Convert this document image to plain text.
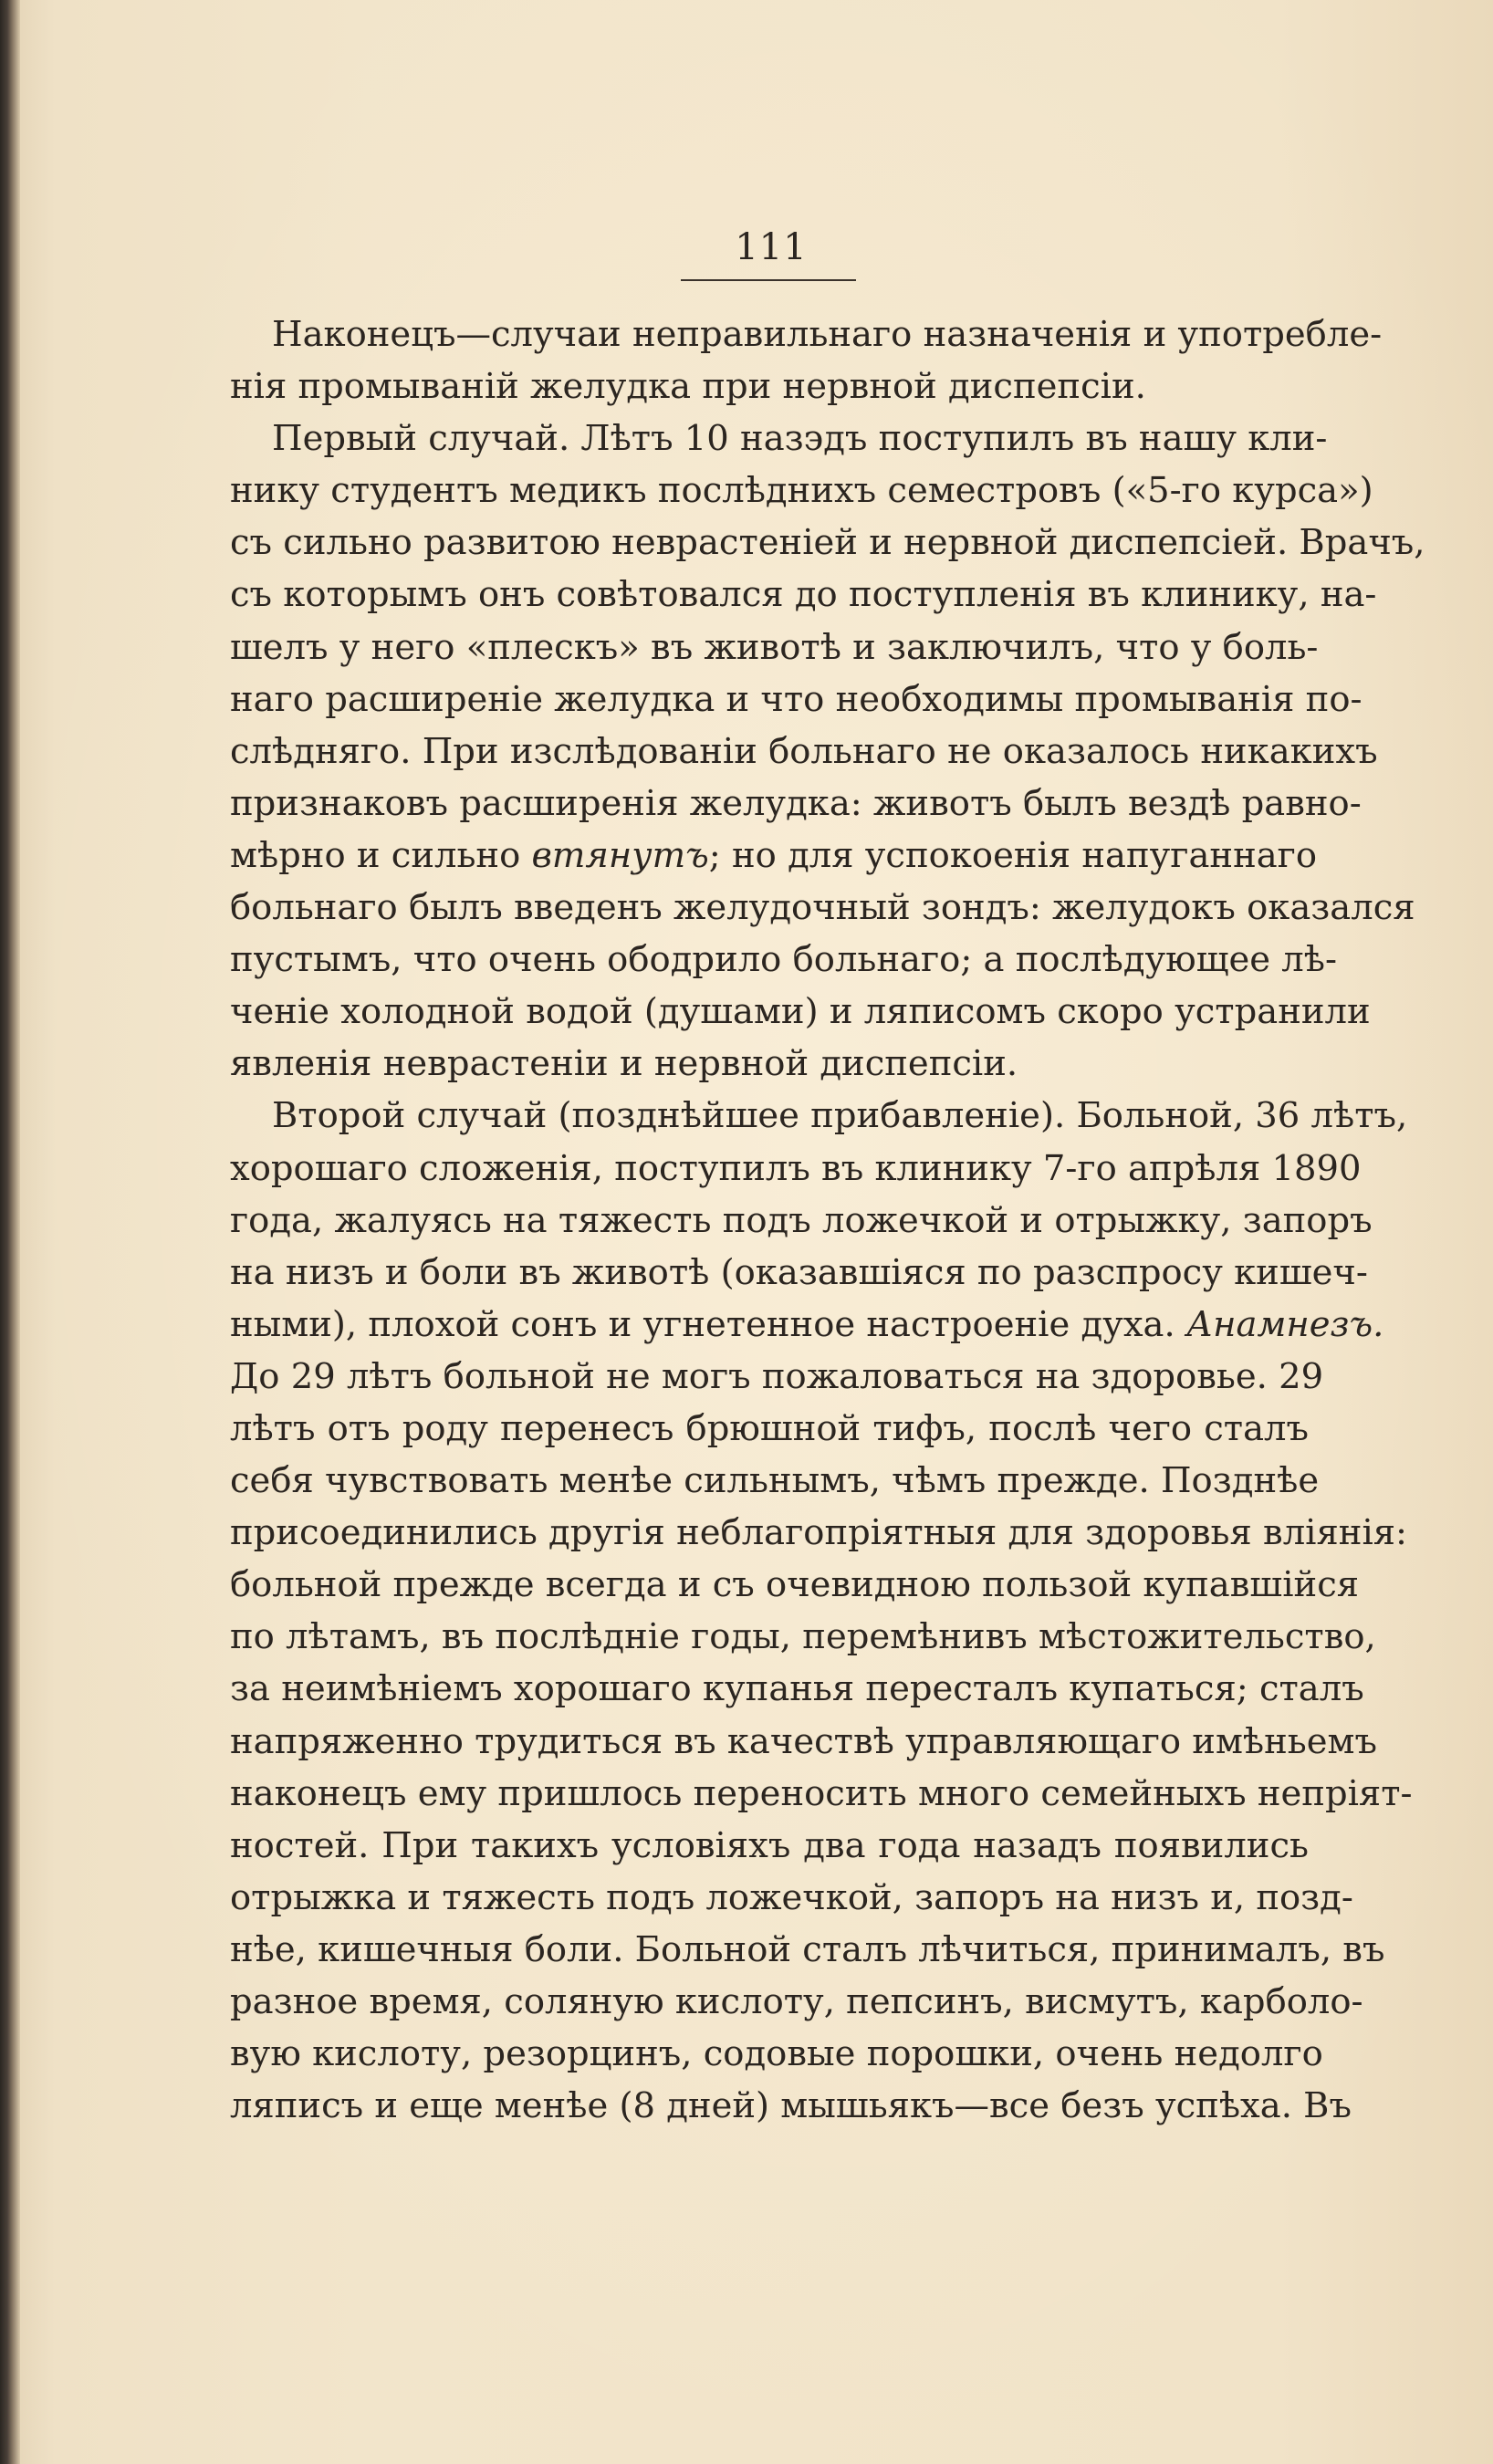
111
Наконецъ—случаи неправильнаго назначенія и употребле-
нія промываній желудка при нервной диспепсіи.
Первый случай. Лѣтъ 10 назэдъ поступилъ въ нашу кли-
нику студентъ медикъ послѣднихъ семестровъ («5-го курса»)
съ сильно развитою неврастеніей и нервной диспепсіей. Врачъ,
съ которымъ онъ совѣтовался до поступленія въ клинику, на-
шелъ у него «плескъ» въ животѣ и заключилъ, что у боль-
наго расширеніе желудка и что необходимы промыванія по-
слѣдняго. При изслѣдованіи больнаго не оказалось никакихъ
признаковъ расширенія желудка: животъ былъ вездѣ равно-
мѣрно и сильно втянутъ; но для успокоенія напуганнаго
больнаго былъ введенъ желудочный зондъ: желудокъ оказался
пустымъ, что очень ободрило больнаго; а послѣдующее лѣ-
ченіе холодной водой (душами) и ляписомъ скоро устранили
явленія неврастеніи и нервной диспепсіи.
Второй случай (позднѣйшее прибавленіе). Больной, 36 лѣтъ,
хорошаго сложенія, поступилъ въ клинику 7-го апрѣля 1890
года, жалуясь на тяжесть подъ ложечкой и отрыжку, запоръ
на низъ и боли въ животѣ (оказавшіяся по разспросу кишеч-
ными), плохой сонъ и угнетенное настроеніе духа. Анамнезъ.
До 29 лѣтъ больной не могъ пожаловаться на здоровье. 29
лѣтъ отъ роду перенесъ брюшной тифъ, послѣ чего сталъ
себя чувствовать менѣе сильнымъ, чѣмъ прежде. Позднѣе
присоединились другія неблагопріятныя для здоровья вліянія:
больной прежде всегда и съ очевидною пользой купавшійся
по лѣтамъ, въ послѣдніе годы, перемѣнивъ мѣстожительство,
за неимѣніемъ хорошаго купанья пересталъ купаться; сталъ
напряженно трудиться въ качествѣ управляющаго имѣньемъ
наконецъ ему пришлось переносить много семейныхъ непріят-
ностей. При такихъ условіяхъ два года назадъ появились
отрыжка и тяжесть подъ ложечкой, запоръ на низъ и, позд-
нѣе, кишечныя боли. Больной сталъ лѣчиться, принималъ, въ
разное время, соляную кислоту, пепсинъ, висмутъ, карболо-
вую кислоту, резорцинъ, содовые порошки, очень недолго
ляписъ и еще менѣе (8 дней) мышьякъ—все безъ успѣха. Въ
